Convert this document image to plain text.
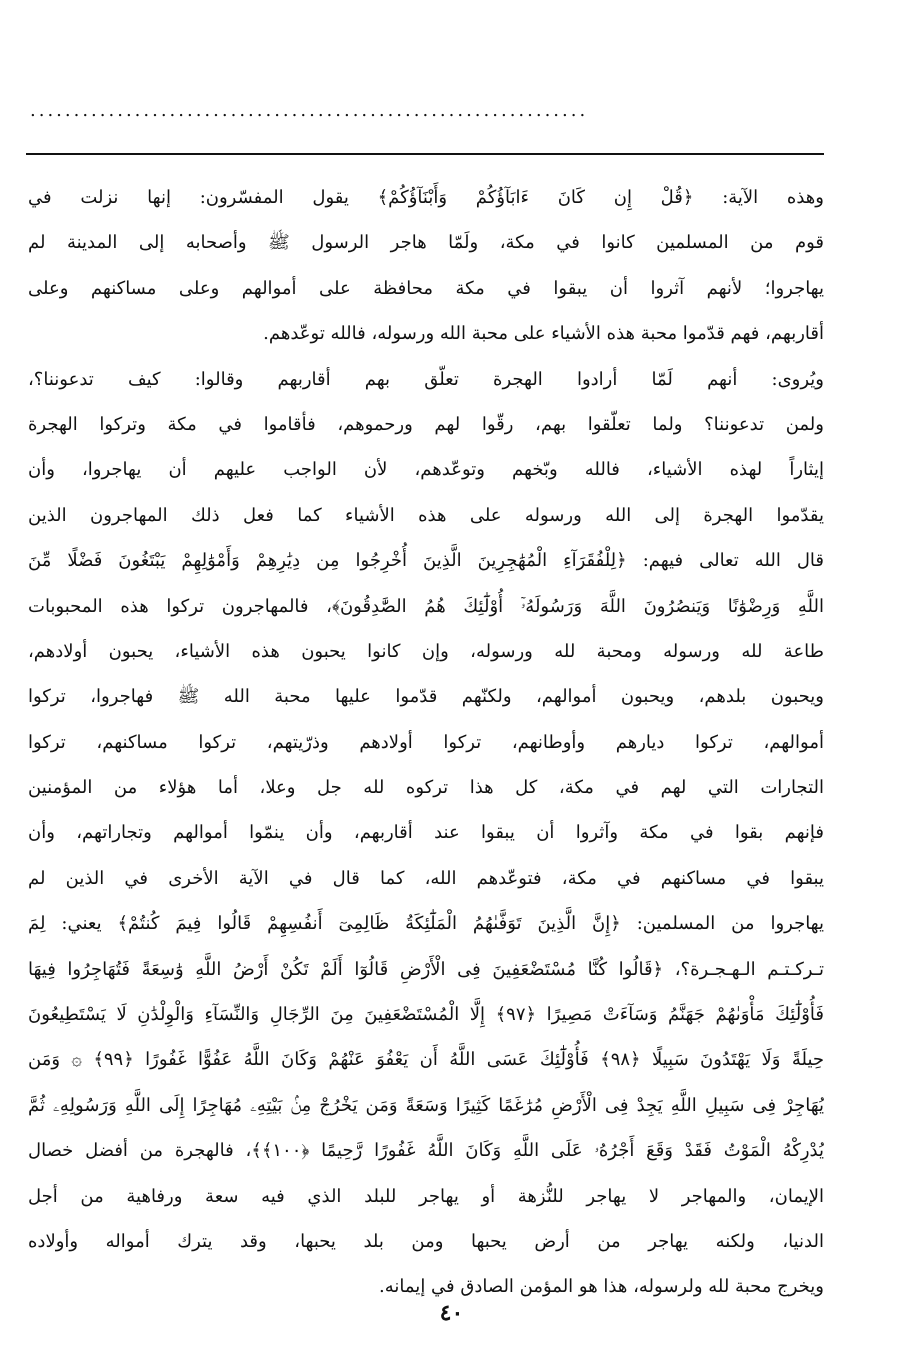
................................................................
وهذه الآية: ﴿قُلْ إِن كَانَ ءَابَآؤُكُمْ وَأَبْنَآؤُكُمْ﴾ يقول المفسّرون: إنها نزلت في
قوم من المسلمين كانوا في مكة، ولَمّا هاجر الرسول ﷺ وأصحابه إلى المدينة لم
يهاجروا؛ لأنهم آثروا أن يبقوا في مكة محافظة على أموالهم وعلى مساكنهم وعلى
أقاربهم، فهم قدّموا محبة هذه الأشياء على محبة الله ورسوله، فالله توعّدهم.
ويُروى: أنهم لَمّا أرادوا الهجرة تعلّق بهم أقاربهم وقالوا: كيف تدعوننا؟،
ولمن تدعوننا؟ ولما تعلّقوا بهم، رقّوا لهم ورحموهم، فأقاموا في مكة وتركوا الهجرة
إيثاراً لهذه الأشياء، فالله وبّخهم وتوعّدهم، لأن الواجب عليهم أن يهاجروا، وأن
يقدّموا الهجرة إلى الله ورسوله على هذه الأشياء كما فعل ذلك المهاجرون الذين
قال الله تعالى فيهم: ﴿لِلْفُقَرَآءِ الْمُهَٰجِرِينَ الَّذِينَ أُخْرِجُوا مِن دِيَٰرِهِمْ وَأَمْوَٰلِهِمْ يَبْتَغُونَ فَضْلًا مِّنَ
اللَّهِ وَرِضْوَٰنًا وَيَنصُرُونَ اللَّهَ وَرَسُولَهُۥٓ أُوْلَٰٓئِكَ هُمُ الصَّٰدِقُونَ﴾، فالمهاجرون تركوا هذه المحبوبات
طاعة لله ورسوله ومحبة لله ورسوله، وإن كانوا يحبون هذه الأشياء، يحبون أولادهم،
ويحبون بلدهم، ويحبون أموالهم، ولكنّهم قدّموا عليها محبة الله ﷺ فهاجروا، تركوا
أموالهم، تركوا ديارهم وأوطانهم، تركوا أولادهم وذرّيتهم، تركوا مساكنهم، تركوا
التجارات التي لهم في مكة، كل هذا تركوه لله جل وعلا، أما هؤلاء من المؤمنين
فإنهم بقوا في مكة وآثروا أن يبقوا عند أقاربهم، وأن ينمّوا أموالهم وتجاراتهم، وأن
يبقوا في مساكنهم في مكة، فتوعّدهم الله، كما قال في الآية الأخرى في الذين لم
يهاجروا من المسلمين: ﴿إِنَّ الَّذِينَ تَوَفَّىٰهُمُ الْمَلَٰٓئِكَةُ ظَالِمِىٓ أَنفُسِهِمْ قَالُوا فِيمَ كُنتُمْ﴾ يعني: لِمَ
تـركـتـم الـهـجـرة؟، ﴿قَالُوا كُنَّا مُسْتَضْعَفِينَ فِى الْأَرْضِ قَالُوٓا أَلَمْ تَكُنْ أَرْضُ اللَّهِ وَٰسِعَةً فَتُهَاجِرُوا فِيهَا
فَأُوْلَٰٓئِكَ مَأْوَىٰهُمْ جَهَنَّمُ وَسَآءَتْ مَصِيرًا ﴿٩٧﴾ إِلَّا الْمُسْتَضْعَفِينَ مِنَ الرِّجَالِ وَالنِّسَآءِ وَالْوِلْدَٰنِ لَا يَسْتَطِيعُونَ
حِيلَةً وَلَا يَهْتَدُونَ سَبِيلًا ﴿٩٨﴾ فَأُوْلَٰٓئِكَ عَسَى اللَّهُ أَن يَعْفُوَ عَنْهُمْ وَكَانَ اللَّهُ عَفُوًّا غَفُورًا ﴿٩٩﴾ ۞ وَمَن
يُهَاجِرْ فِى سَبِيلِ اللَّهِ يَجِدْ فِى الْأَرْضِ مُرَٰغَمًا كَثِيرًا وَسَعَةً وَمَن يَخْرُجْ مِنۢ بَيْتِهِۦ مُهَاجِرًا إِلَى اللَّهِ وَرَسُولِهِۦ ثُمَّ
يُدْرِكْهُ الْمَوْتُ فَقَدْ وَقَعَ أَجْرُهُۥ عَلَى اللَّهِ وَكَانَ اللَّهُ غَفُورًا رَّحِيمًا ﴿١٠٠﴾﴾، فالهجرة من أفضل خصال
الإيمان، والمهاجر لا يهاجر للنُّزهة أو يهاجر للبلد الذي فيه سعة ورفاهية من أجل
الدنيا، ولكنه يهاجر من أرض يحبها ومن بلد يحبها، وقد يترك أمواله وأولاده
ويخرج محبة لله ولرسوله، هذا هو المؤمن الصادق في إيمانه.
٤٠
